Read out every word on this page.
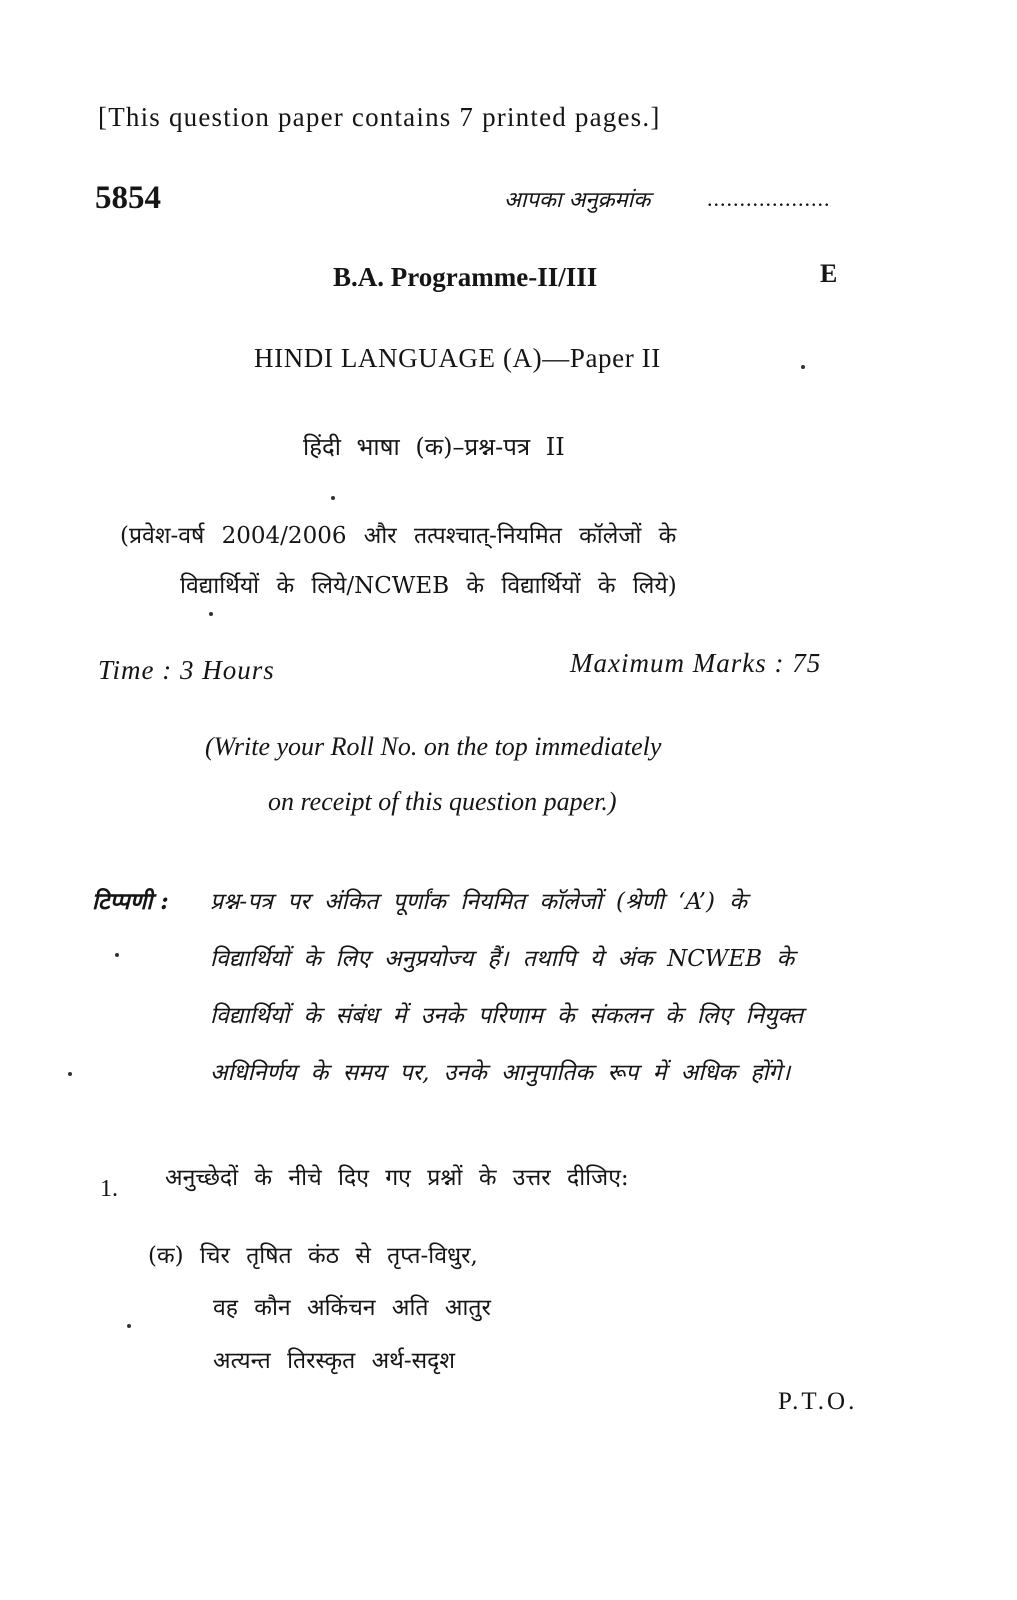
[This question paper contains 7 printed pages.]
5854	आपका अनुक्रमांक	...................
B.A. Programme-II/III	E
HINDI LANGUAGE (A)—Paper II
हिंदी भाषा (क)–प्रश्न-पत्र II
(प्रवेश-वर्ष 2004/2006 और तत्पश्चात्-नियमित कॉलेजों के
विद्यार्थियों के लिये/NCWEB के विद्यार्थियों के लिये)
Time : 3 Hours	Maximum Marks : 75
(Write your Roll No. on the top immediately
on receipt of this question paper.)
टिप्पणी : प्रश्न-पत्र पर अंकित पूर्णांक नियमित कॉलेजों (श्रेणी ‘A’) के
विद्यार्थियों के लिए अनुप्रयोज्य हैं। तथापि ये अंक NCWEB के
विद्यार्थियों के संबंध में उनके परिणाम के संकलन के लिए नियुक्त
अधिनिर्णय के समय पर, उनके आनुपातिक रूप में अधिक होंगे।
1. अनुच्छेदों के नीचे दिए गए प्रश्नों के उत्तर दीजिए:
(क) चिर तृषित कंठ से तृप्त-विधुर,
वह कौन अकिंचन अति आतुर
अत्यन्त तिरस्कृत अर्थ-सदृश
P.T.O.
